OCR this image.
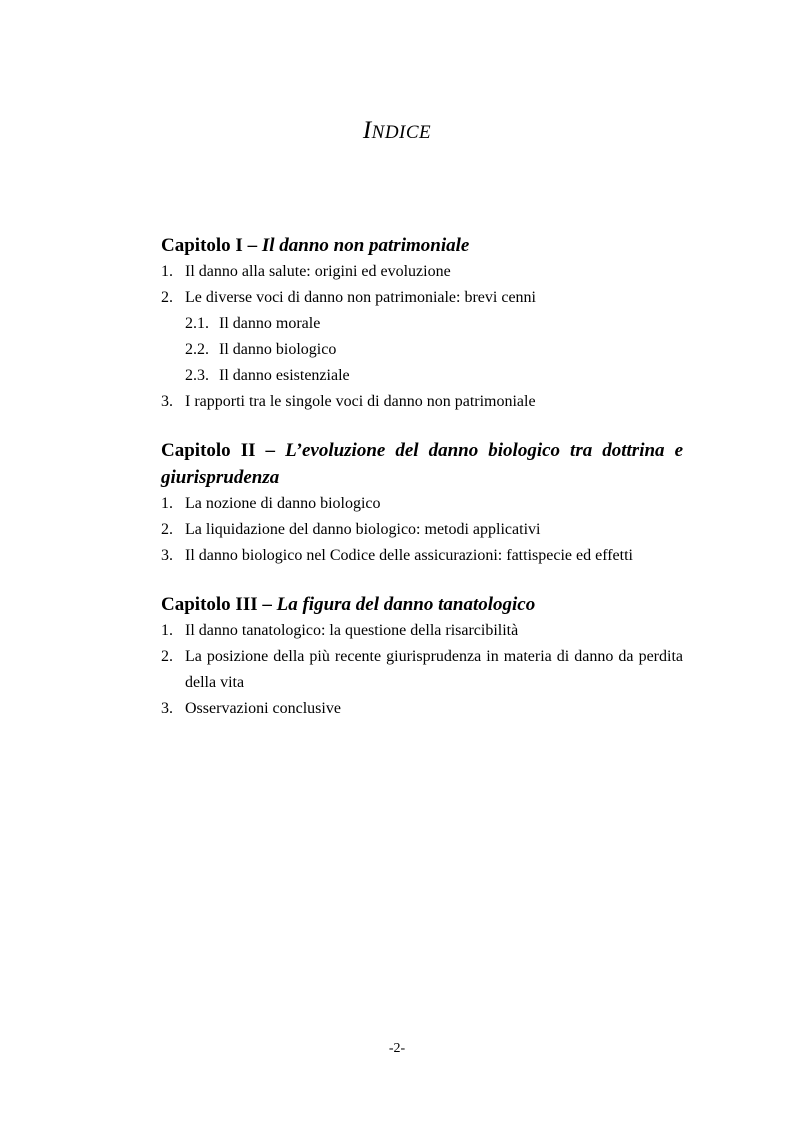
INDICE
Capitolo I – Il danno non patrimoniale
1. Il danno alla salute: origini ed evoluzione
2. Le diverse voci di danno non patrimoniale: brevi cenni
2.1. Il danno morale
2.2. Il danno biologico
2.3. Il danno esistenziale
3. I rapporti tra le singole voci di danno non patrimoniale
Capitolo II – L’evoluzione del danno biologico tra dottrina e giurisprudenza
1. La nozione di danno biologico
2. La liquidazione del danno biologico: metodi applicativi
3. Il danno biologico nel Codice delle assicurazioni: fattispecie ed effetti
Capitolo III – La figura del danno tanatologico
1. Il danno tanatologico: la questione della risarcibilità
2. La posizione della più recente giurisprudenza in materia di danno da perdita della vita
3. Osservazioni conclusive
-2-
